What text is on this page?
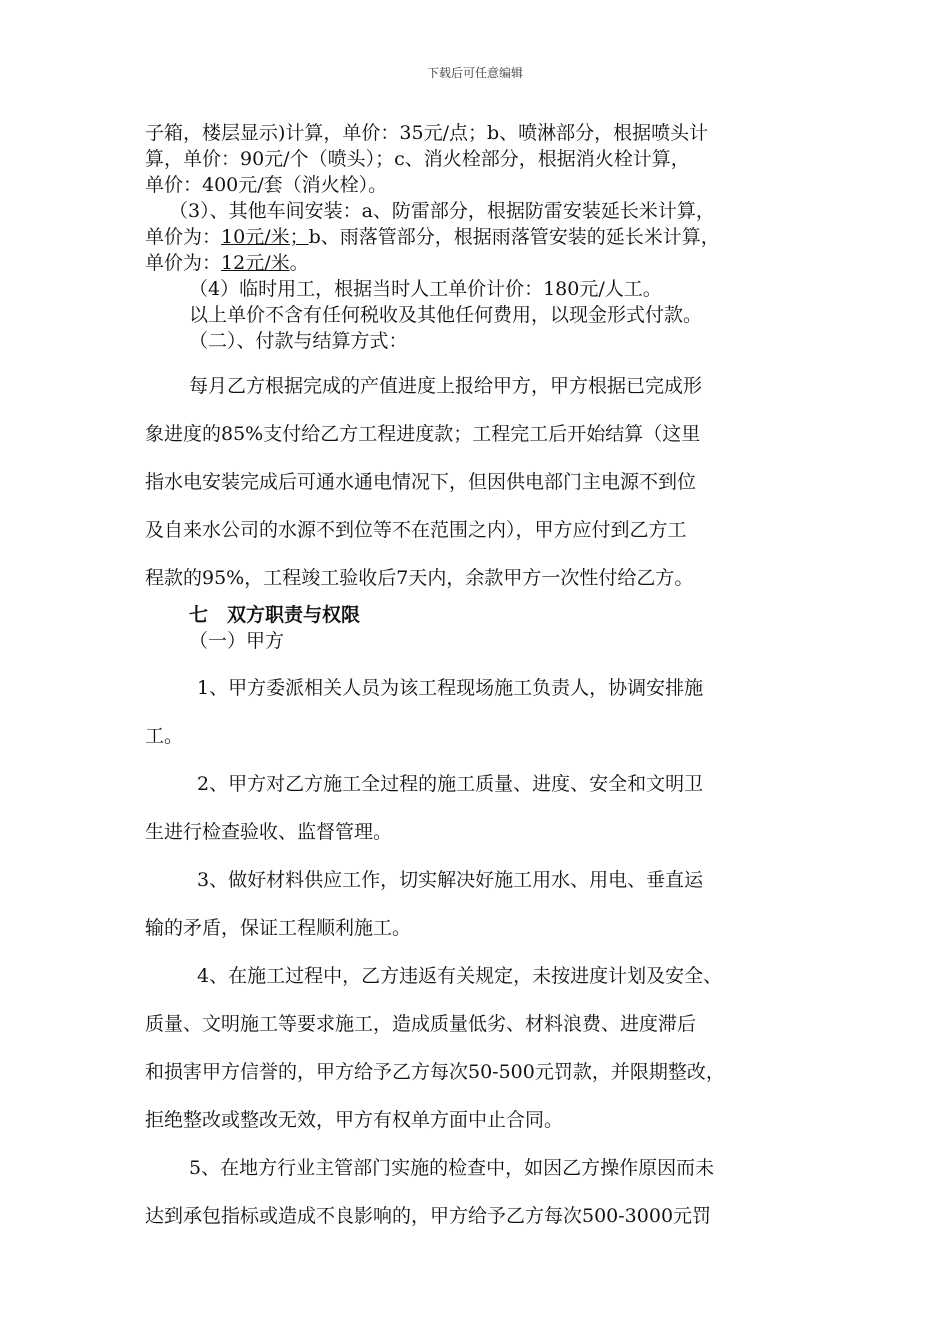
下载后可任意编辑

子箱，楼层显示)计算，单价：35元/点；b、喷淋部分，根据喷头计

算，单价：90元/个（喷头）；c、消火栓部分，根据消火栓计算，

单价：400元/套（消火栓）。

（3）、其他车间安装：a、防雷部分，根据防雷安装延长米计算，

单价为：10元/米；b、雨落管部分，根据雨落管安装的延长米计算，

单价为：12元/米。

（4）临时用工，根据当时人工单价计价：180元/人工。

以上单价不含有任何税收及其他任何费用，以现金形式付款。

（二）、付款与结算方式：

每月乙方根据完成的产值进度上报给甲方，甲方根据已完成形

象进度的85%支付给乙方工程进度款；工程完工后开始结算（这里

指水电安装完成后可通水通电情况下，但因供电部门主电源不到位

及自来水公司的水源不到位等不在范围之内），甲方应付到乙方工

程款的95%，工程竣工验收后7天内，余款甲方一次性付给乙方。

七　双方职责与权限

（一）甲方

1、甲方委派相关人员为该工程现场施工负责人，协调安排施

工。

2、甲方对乙方施工全过程的施工质量、进度、安全和文明卫

生进行检查验收、监督管理。

3、做好材料供应工作，切实解决好施工用水、用电、垂直运

输的矛盾，保证工程顺利施工。

4、在施工过程中，乙方违返有关规定，未按进度计划及安全、

质量、文明施工等要求施工，造成质量低劣、材料浪费、进度滞后

和损害甲方信誉的，甲方给予乙方每次50-500元罚款，并限期整改，

拒绝整改或整改无效，甲方有权单方面中止合同。

5、在地方行业主管部门实施的检查中，如因乙方操作原因而未

达到承包指标或造成不良影响的，甲方给予乙方每次500-3000元罚
